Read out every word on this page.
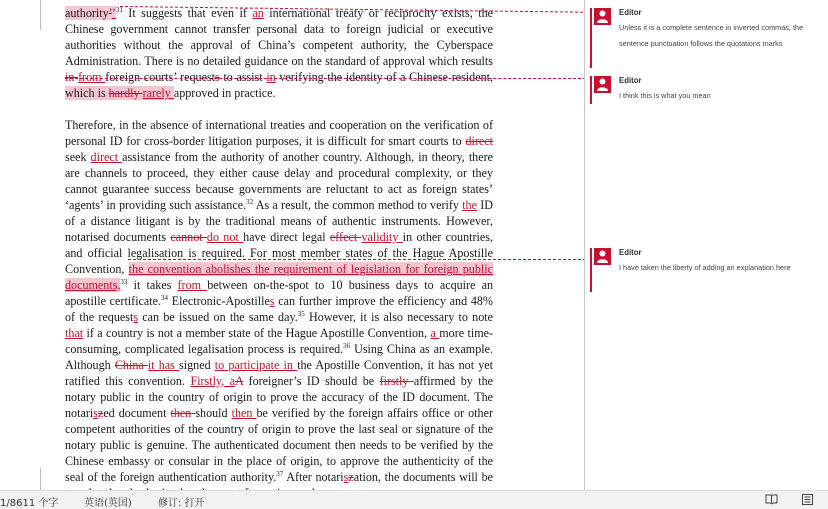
authority’’$^{31}$ It suggests that even if an international treaty or reciprocity exists, the Chinese government cannot transfer personal data to foreign judicial or executive authorities without the approval of China’s competent authority, the Cyberspace Administration. There is no detailed guidance on the standard of approval which results in from foreign courts’ requests to assist in verifying the identity of a Chinese resident, which is hardly rarely approved in practice.

Therefore, in the absence of international treaties and cooperation on the verification of personal ID for cross-border litigation purposes, it is difficult for smart courts to direct seek direct assistance from the authority of another country. Although, in theory, there are channels to proceed, they either cause delay and procedural complexity, or they cannot guarantee success because governments are reluctant to act as foreign states’ ‘agents’ in providing such assistance.$^{32}$ As a result, the common method to verify the ID of a distance litigant is by the traditional means of authentic instruments. However, notarised documents cannot do not have direct legal effect validity in other countries, and official legalisation is required. For most member states of the Hague Apostille Convention, the convention abolishes the requirement of legislation for foreign public documents,$^{33}$ it takes from between on-the-spot to 10 business days to acquire an apostille certificate.$^{34}$ Electronic-Apostilles can further improve the efficiency and 48% of the requests can be issued on the same day.$^{35}$ However, it is also necessary to note that if a country is not a member state of the Hague Apostille Convention, a more time-consuming, complicated legalisation process is required.$^{36}$ Using China as an example. Although China it has signed to participate in the Apostille Convention, it has not yet ratified this convention. Firstly, aA foreigner’s ID should be firstly affirmed by the notary public in the country of origin to prove the accuracy of the ID document. The notariszed document then should then be verified by the foreign affairs office or other competent authorities of the country of origin to prove the last seal or signature of the notary public is genuine. The authenticated document then needs to be verified by the Chinese embassy or consular in the place of origin, to approve the authenticity of the seal of the foreign authentication authority.$^{37}$ After notariszation, the documents will be

Editor
Unless it is a complete sentence in inverted commas, the sentence punctuation follows the quotations marks
Editor
I think this is what you mean
Editor
I have taken the liberty of adding an explanation here
1/8611 个字	英语(英国)	修订: 打开
